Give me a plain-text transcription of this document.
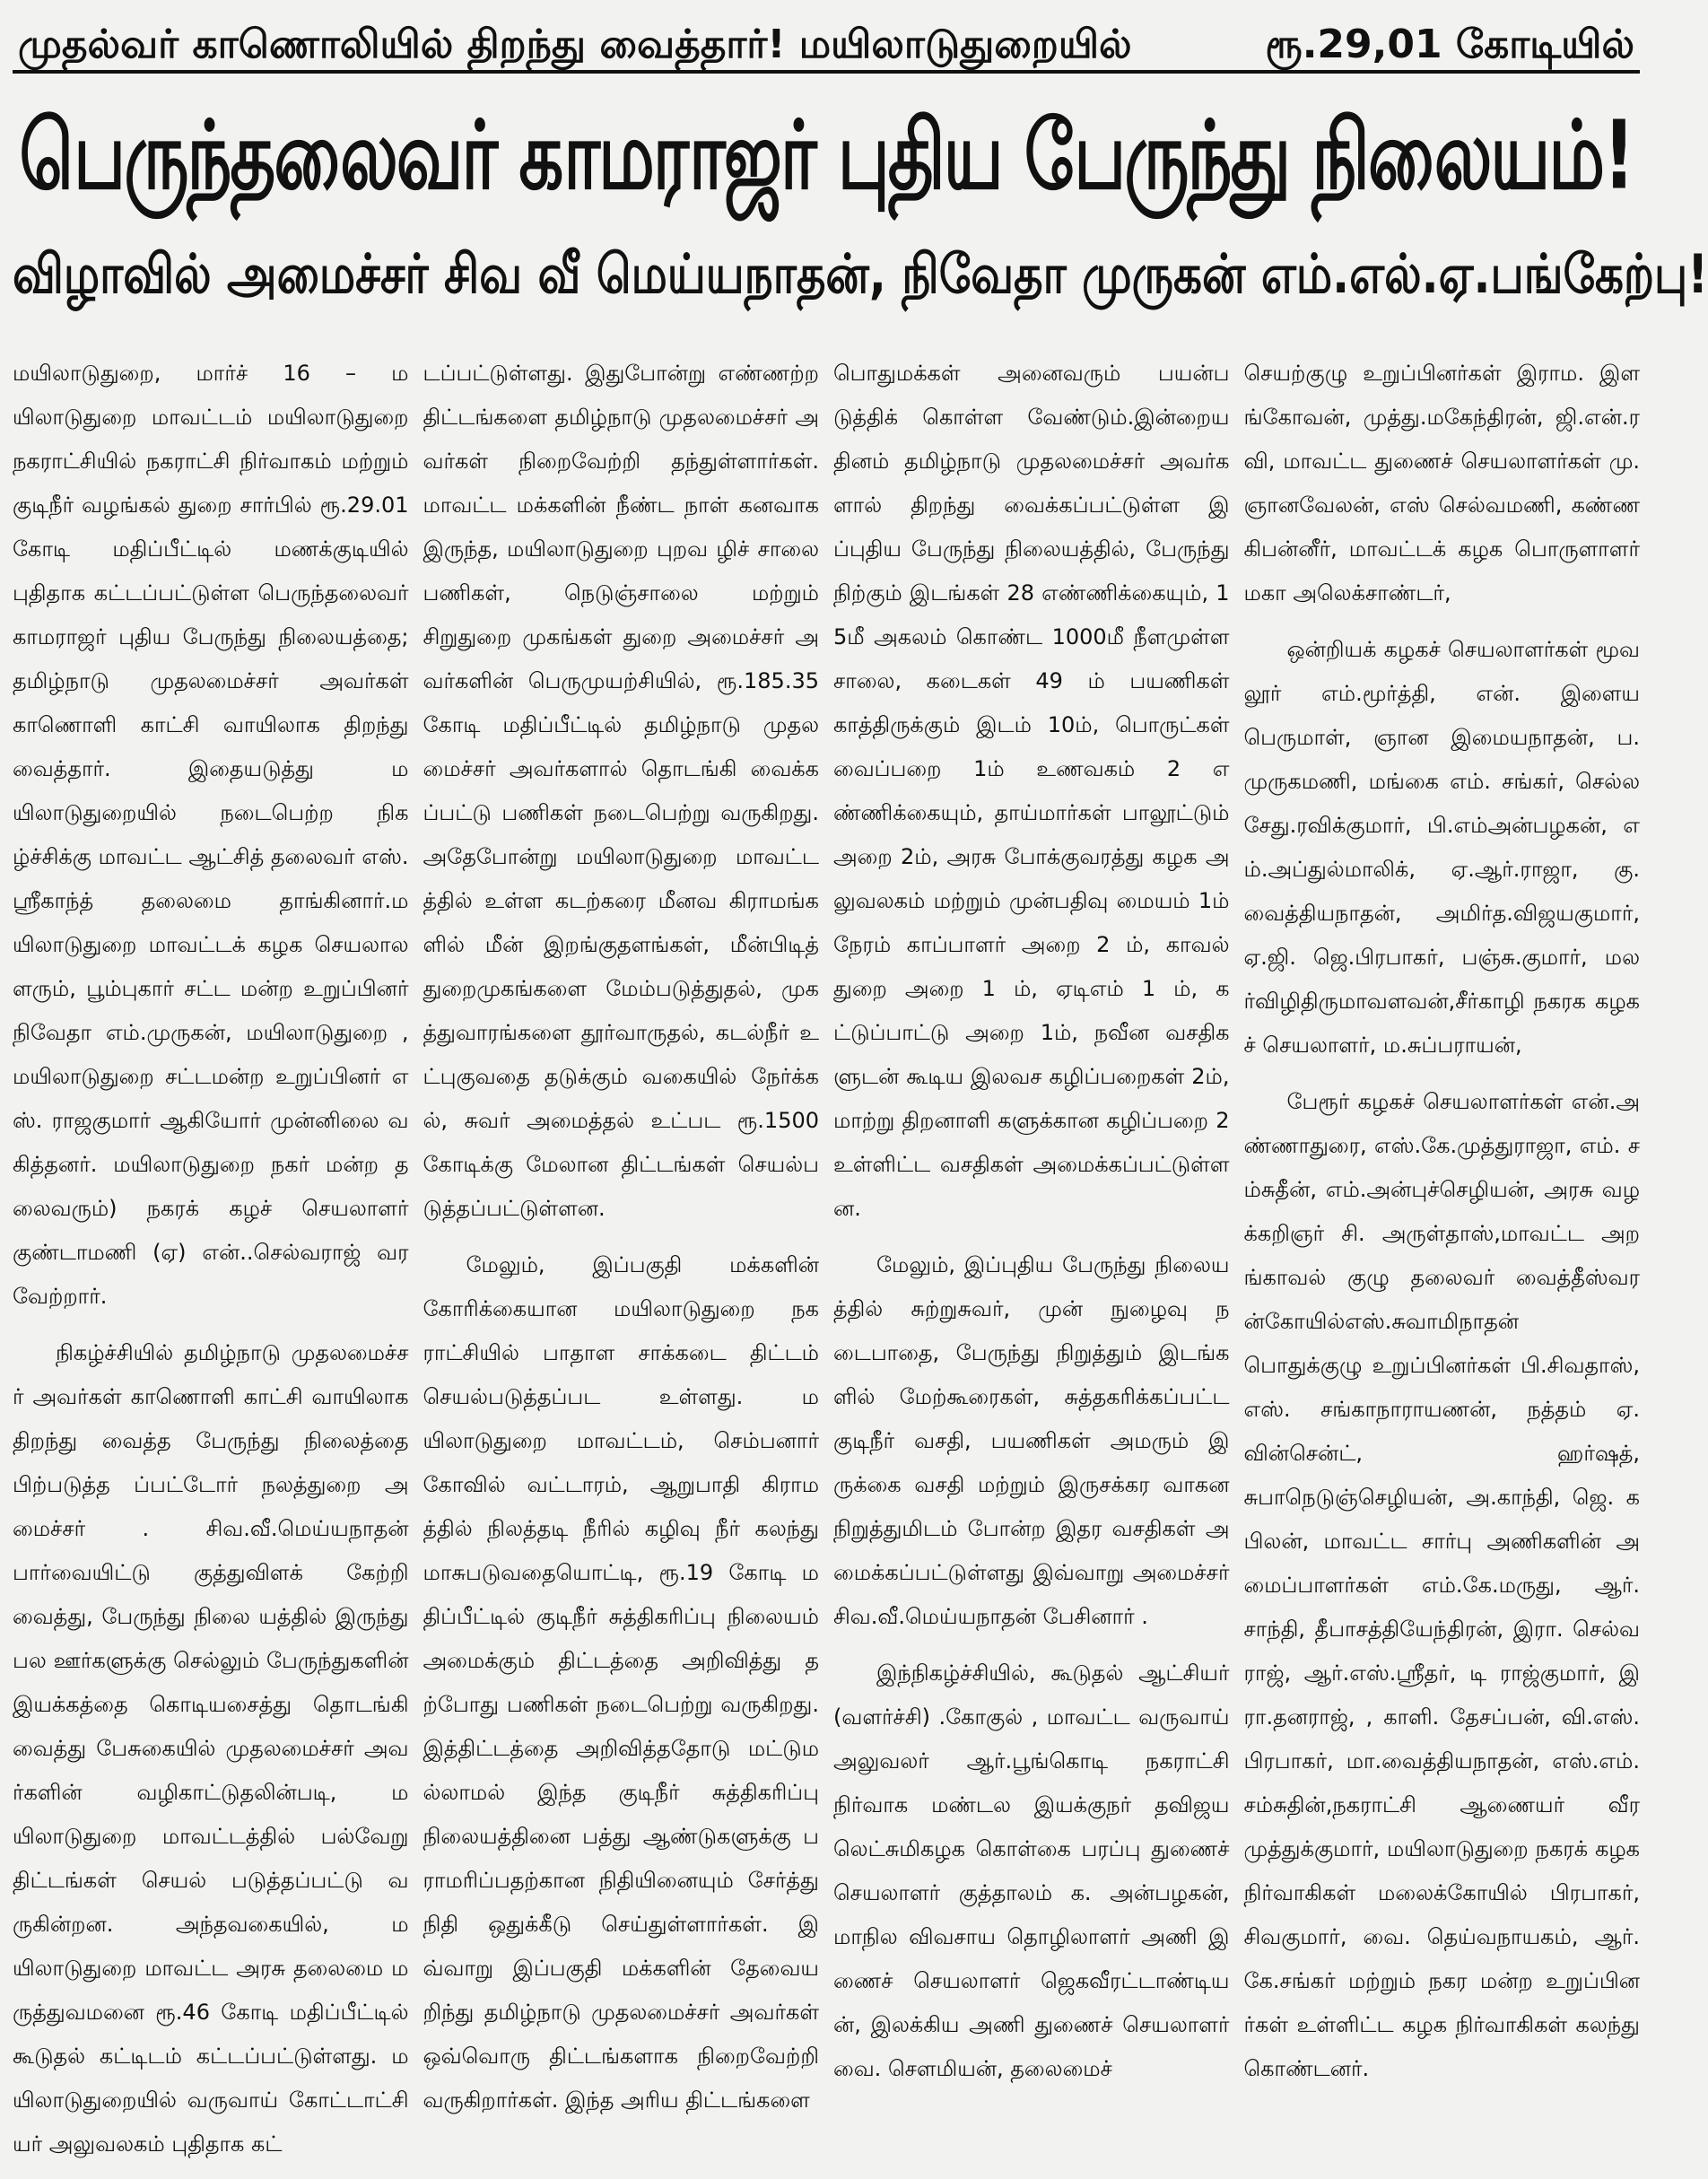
முதல்வர் காணொலியில் திறந்து வைத்தார்! மயிலாடுதுறையில்	ரூ.29,01 கோடியில்
பெருந்தலைவர் காமராஜர் புதிய பேருந்து நிலையம்!
விழாவில் அமைச்சர் சிவ வீ மெய்யநாதன், நிவேதா முருகன் எம்.எல்.ஏ.பங்கேற்பு!

மயிலாடுதுறை, மார்ச் 16 – மயிலாடுதுறை மாவட்டம் மயிலாடுதுறை நகராட்சியில் நகராட்சி நிர்வாகம் மற்றும் குடிநீர் வழங்கல் துறை சார்பில் ரூ.29.01 கோடி மதிப்பீட்டில் மணக்குடியில் புதிதாக கட்டப்பட்டுள்ள பெருந்தலைவர் காமராஜர் புதிய பேருந்து நிலையத்தை; தமிழ்நாடு முதலமைச்சர் அவர்கள் காணொளி காட்சி வாயிலாக திறந்து வைத்தார். இதையடுத்து மயிலாடுதுறையில் நடைபெற்ற நிகழ்ச்சிக்கு மாவட்ட ஆட்சித் தலைவர் எஸ்.ஸ்ரீகாந்த் தலைமை தாங்கினார்.மயிலாடுதுறை மாவட்டக் கழக செயலாலளரும், பூம்புகார் சட்ட மன்ற உறுப்பினர் நிவேதா எம்.முருகன், மயிலாடுதுறை , மயிலாடுதுறை சட்டமன்ற உறுப்பினர் எஸ். ராஜகுமார் ஆகியோர் முன்னிலை வகித்தனர். மயிலாடுதுறை நகர் மன்ற தலைவரும்) நகரக் கழச் செயலாளர் குண்டாமணி (ஏ) என்..செல்வராஜ் வரவேற்றார்.

நிகழ்ச்சியில் தமிழ்நாடு முதலமைச்சர் அவர்கள் காணொளி காட்சி வாயிலாக திறந்து வைத்த பேருந்து நிலைத்தை பிற்படுத்த ப்பட்டோர் நலத்துறை அமைச்சர் . சிவ.வீ.மெய்யநாதன் பார்வையிட்டு குத்துவிளக் கேற்றி வைத்து, பேருந்து நிலை யத்தில் இருந்து பல ஊர்களுக்கு செல்லும் பேருந்துகளின் இயக்கத்தை கொடியசைத்து தொடங்கி வைத்து பேசுகையில் முதலமைச்சர் அவர்களின் வழிகாட்டுதலின்படி, மயிலாடுதுறை மாவட்டத்தில் பல்வேறு திட்டங்கள் செயல் படுத்தப்பட்டு வருகின்றன. அந்தவகையில், மயிலாடுதுறை மாவட்ட அரசு தலைமை மருத்துவமனை ரூ.46 கோடி மதிப்பீட்டில் கூடுதல் கட்டிடம் கட்டப்பட்டுள்ளது. மயிலாடுதுறையில் வருவாய் கோட்டாட்சி யர் அலுவலகம் புதிதாக கட்

டப்பட்டுள்ளது. இதுபோன்று எண்ணற்ற திட்டங்களை தமிழ்நாடு முதலமைச்சர் அவர்கள் நிறைவேற்றி தந்துள்ளார்கள். மாவட்ட மக்களின் நீண்ட நாள் கனவாக இருந்த, மயிலாடுதுறை புறவ ழிச் சாலை பணிகள், நெடுஞ்சாலை மற்றும் சிறுதுறை முகங்கள் துறை அமைச்சர் அவர்களின் பெருமுயற்சியில், ரூ.185.35 கோடி மதிப்பீட்டில் தமிழ்நாடு முதலமைச்சர் அவர்களால் தொடங்கி வைக்கப்பட்டு பணிகள் நடைபெற்று வருகிறது. அதேபோன்று மயிலாடுதுறை மாவட்டத்தில் உள்ள கடற்கரை மீனவ கிராமங்களில் மீன் இறங்குதளங்கள், மீன்பிடித் துறைமுகங்களை மேம்படுத்துதல், முகத்துவாரங்களை தூர்வாருதல், கடல்நீர் உட்புகுவதை தடுக்கும் வகையில் நேர்க்கல், சுவர் அமைத்தல் உட்பட ரூ.1500 கோடிக்கு மேலான திட்டங்கள் செயல்படுத்தப்பட்டுள்ளன.

மேலும், இப்பகுதி மக்களின் கோரிக்கையான மயிலாடுதுறை நகராட்சியில் பாதாள சாக்கடை திட்டம் செயல்படுத்தப்பட உள்ளது. மயிலாடுதுறை மாவட்டம், செம்பனார் கோவில் வட்டாரம், ஆறுபாதி கிராமத்தில் நிலத்தடி நீரில் கழிவு நீர் கலந்து மாசுபடுவதையொட்டி, ரூ.19 கோடி மதிப்பீட்டில் குடிநீர் சுத்திகரிப்பு நிலையம் அமைக்கும் திட்டத்தை அறிவித்து தற்போது பணிகள் நடைபெற்று வருகிறது. இத்திட்டத்தை அறிவித்ததோடு மட்டுமல்லாமல் இந்த குடிநீர் சுத்திகரிப்பு நிலையத்தினை பத்து ஆண்டுகளுக்கு பராமரிப்பதற்கான நிதியினையும் சேர்த்து நிதி ஒதுக்கீடு செய்துள்ளார்கள். இவ்வாறு இப்பகுதி மக்களின் தேவையறிந்து தமிழ்நாடு முதலமைச்சர் அவர்கள் ஒவ்வொரு திட்டங்களாக நிறைவேற்றி வருகிறார்கள். இந்த அரிய திட்டங்களை

பொதுமக்கள் அனைவரும் பயன்படுத்திக் கொள்ள வேண்டும்.இன்றைய தினம் தமிழ்நாடு முதலமைச்சர் அவர்களால் திறந்து வைக்கப்பட்டுள்ள இப்புதிய பேருந்து நிலையத்தில், பேருந்து நிற்கும் இடங்கள் 28 எண்ணிக்கையும், 15மீ அகலம் கொண்ட 1000மீ நீளமுள்ள சாலை, கடைகள் 49 ம் பயணிகள் காத்திருக்கும் இடம் 10ம், பொருட்கள் வைப்பறை 1ம் உணவகம் 2 எண்ணிக்கையும், தாய்மார்கள் பாலூட்டும் அறை 2ம், அரசு போக்குவரத்து கழக அலுவலகம் மற்றும் முன்பதிவு மையம் 1ம் நேரம் காப்பாளர் அறை 2 ம், காவல் துறை அறை 1 ம், ஏடிஎம் 1 ம், கட்டுப்பாட்டு அறை 1ம், நவீன வசதிகளுடன் கூடிய இலவச கழிப்பறைகள் 2ம், மாற்று திறனாளி களுக்கான கழிப்பறை 2 உள்ளிட்ட வசதிகள் அமைக்கப்பட்டுள்ளன.

மேலும், இப்புதிய பேருந்து நிலையத்தில் சுற்றுசுவர், முன் நுழைவு நடைபாதை, பேருந்து நிறுத்தும் இடங்களில் மேற்கூரைகள், சுத்தகரிக்கப்பட்ட குடிநீர் வசதி, பயணிகள் அமரும் இருக்கை வசதி மற்றும் இருசக்கர வாகன நிறுத்துமிடம் போன்ற இதர வசதிகள் அமைக்கப்பட்டுள்ளது இவ்வாறு அமைச்சர் சிவ.வீ.மெய்யநாதன் பேசினார் .

இந்நிகழ்ச்சியில், கூடுதல் ஆட்சியர் (வளர்ச்சி) .கோகுல் , மாவட்ட வருவாய் அலுவலர் ஆர்.பூங்கொடி நகராட்சி நிர்வாக மண்டல இயக்குநர் தவிஜயலெட்சுமிகழக கொள்கை பரப்பு துணைச் செயலாளர் குத்தாலம் க. அன்பழகன், மாநில விவசாய தொழிலாளர் அணி இணைச் செயலாளர் ஜெகவீரட்டாண்டியன், இலக்கிய அணி துணைச் செயலாளர் வை. சௌமியன், தலைமைச்

செயற்குழு உறுப்பினர்கள் இராம. இளங்கோவன், முத்து.மகேந்திரன், ஜி.என்.ரவி, மாவட்ட துணைச் செயலாளர்கள் மு.ஞானவேலன், எஸ் செல்வமணி, கண்ணகிபன்னீர், மாவட்டக் கழக பொருளாளர் மகா அலெக்சாண்டர்,

ஒன்றியக் கழகச் செயலாளர்கள் மூவலூர் எம்.மூர்த்தி, என். இளையபெருமாள், ஞான இமையநாதன், ப.முருகமணி, மங்கை எம். சங்கர், செல்லசேது.ரவிக்குமார், பி.எம்அன்பழகன், எம்.அப்துல்மாலிக், ஏ.ஆர்.ராஜா, கு.வைத்தியநாதன், அமிர்த.விஜயகுமார், ஏ.ஜி. ஜெ.பிரபாகர், பஞ்சு.குமார், மலர்விழிதிருமாவளவன்,சீர்காழி நகரக கழகச் செயலாளர், ம.சுப்பராயன்,

பேரூர் கழகச் செயலாளர்கள் என்.அண்ணாதுரை, எஸ்.கே.முத்துராஜா, எம். சம்சுதீன், எம்.அன்புச்செழியன், அரசு வழக்கறிஞர் சி. அருள்தாஸ்,மாவட்ட அறங்காவல் குழு தலைவர் வைத்தீஸ்வரன்கோயில்எஸ்.சுவாமிநாதன் பொதுக்குழு உறுப்பினர்கள் பி.சிவதாஸ், எஸ். சங்காநாராயணன், நத்தம் ஏ.வின்சென்ட், ஹர்ஷத், சுபாநெடுஞ்செழியன், அ.காந்தி, ஜெ. கபிலன், மாவட்ட சார்பு அணிகளின் அமைப்பாளர்கள் எம்.கே.மருது, ஆர். சாந்தி, தீபாசத்தியேந்திரன், இரா. செல்வராஜ், ஆர்.எஸ்.ஸ்ரீதர், டி ராஜ்குமார், இரா.தனராஜ், , காளி. தேசப்பன், வி.எஸ்.பிரபாகர், மா.வைத்தியநாதன், எஸ்.எம்.சம்சுதின்,நகராட்சி ஆணையர் வீர முத்துக்குமார், மயிலாடுதுறை நகரக் கழக நிர்வாகிகள் மலைக்கோயில் பிரபாகர், சிவகுமார், வை. தெய்வநாயகம், ஆர்.கே.சங்கர் மற்றும் நகர மன்ற உறுப்பினர்கள் உள்ளிட்ட கழக நிர்வாகிகள் கலந்து கொண்டனர்.
